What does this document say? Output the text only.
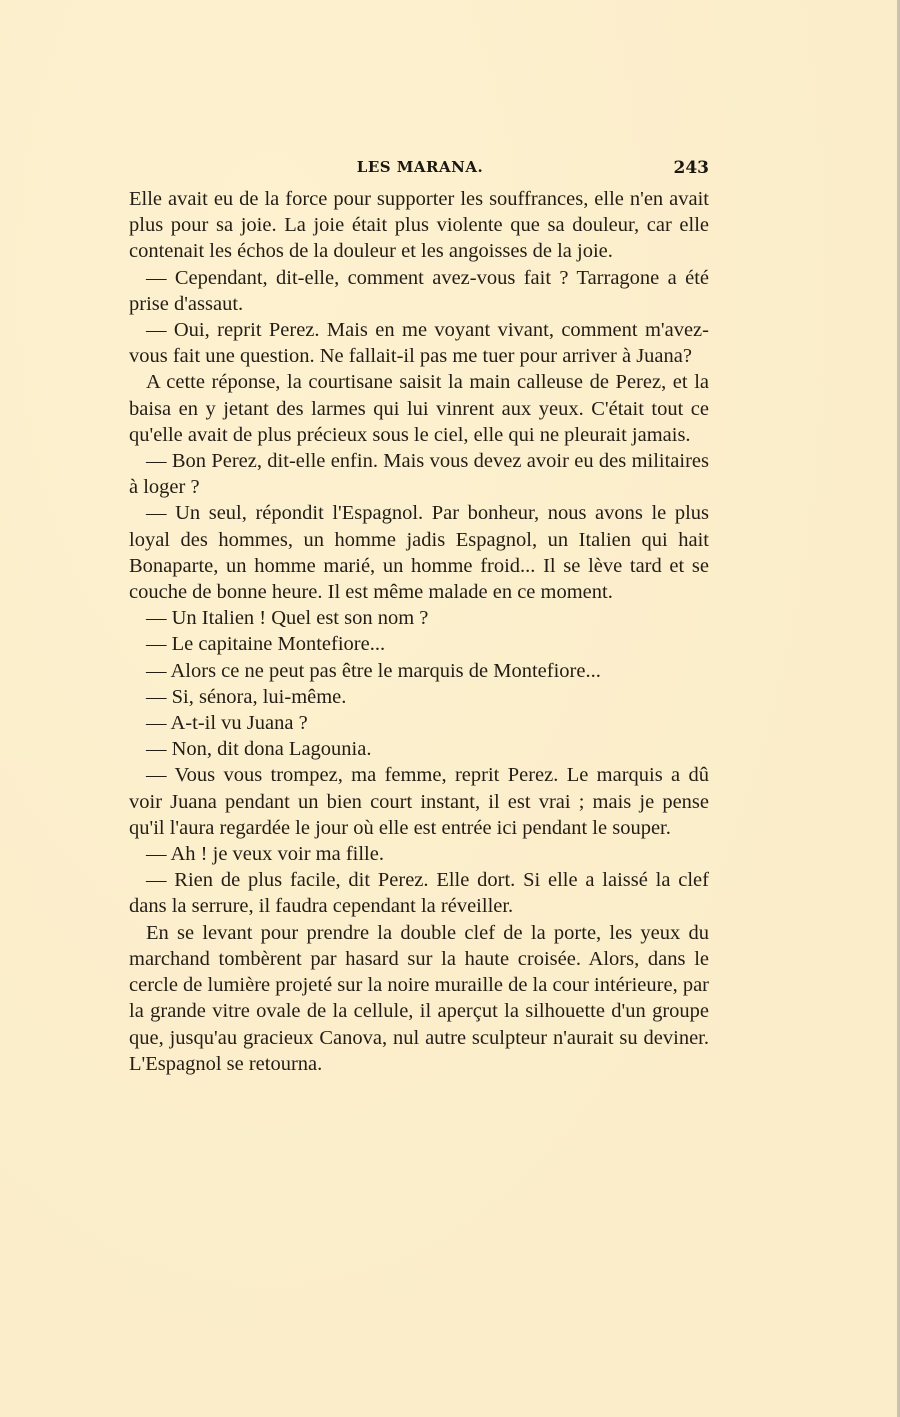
LES MARANA.	243

Elle avait eu de la force pour supporter les souffrances, elle n'en avait plus pour sa joie. La joie était plus violente que sa douleur, car elle contenait les échos de la douleur et les angoisses de la joie.

— Cependant, dit-elle, comment avez-vous fait ? Tarragone a été prise d'assaut.

— Oui, reprit Perez. Mais en me voyant vivant, comment m'avez-vous fait une question. Ne fallait-il pas me tuer pour arriver à Juana?

A cette réponse, la courtisane saisit la main calleuse de Perez, et la baisa en y jetant des larmes qui lui vinrent aux yeux. C'était tout ce qu'elle avait de plus précieux sous le ciel, elle qui ne pleurait jamais.

— Bon Perez, dit-elle enfin. Mais vous devez avoir eu des militaires à loger ?

— Un seul, répondit l'Espagnol. Par bonheur, nous avons le plus loyal des hommes, un homme jadis Espagnol, un Italien qui hait Bonaparte, un homme marié, un homme froid... Il se lève tard et se couche de bonne heure. Il est même malade en ce moment.

— Un Italien ! Quel est son nom ?

— Le capitaine Montefiore...

— Alors ce ne peut pas être le marquis de Montefiore...

— Si, sénora, lui-même.

— A-t-il vu Juana ?

— Non, dit dona Lagounia.

— Vous vous trompez, ma femme, reprit Perez. Le marquis a dû voir Juana pendant un bien court instant, il est vrai ; mais je pense qu'il l'aura regardée le jour où elle est entrée ici pendant le souper.

— Ah ! je veux voir ma fille.

— Rien de plus facile, dit Perez. Elle dort. Si elle a laissé la clef dans la serrure, il faudra cependant la réveiller.

En se levant pour prendre la double clef de la porte, les yeux du marchand tombèrent par hasard sur la haute croisée. Alors, dans le cercle de lumière projeté sur la noire muraille de la cour intérieure, par la grande vitre ovale de la cellule, il aperçut la silhouette d'un groupe que, jusqu'au gracieux Canova, nul autre sculpteur n'aurait su deviner. L'Espagnol se retourna.
